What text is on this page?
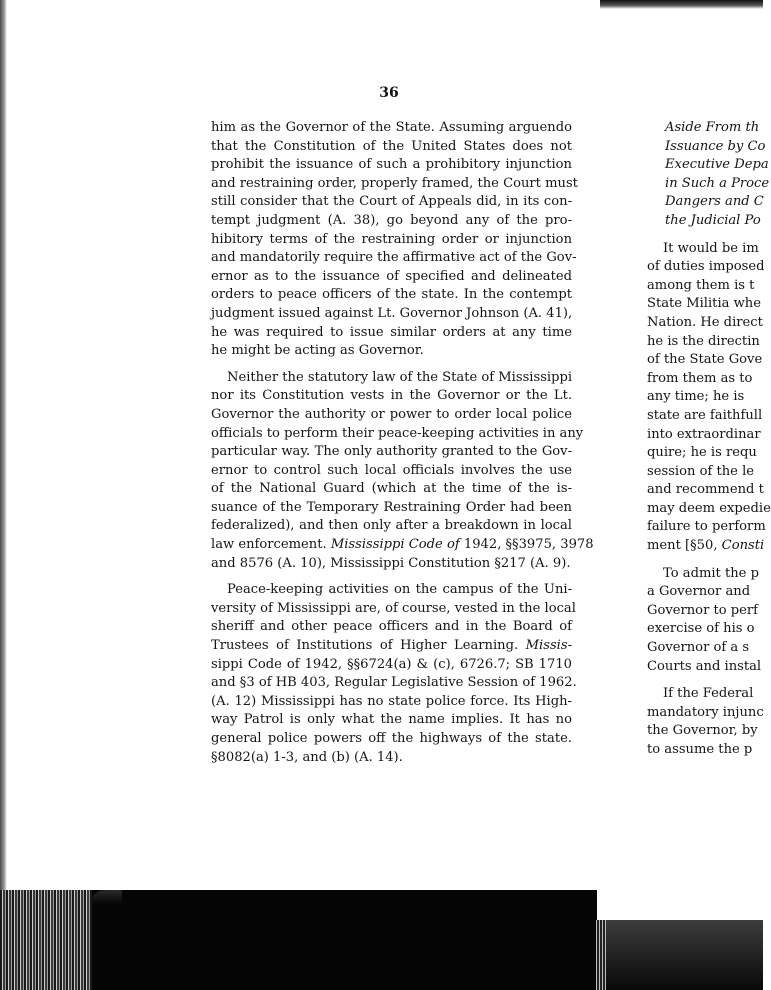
36
him as the Governor of the State. Assuming arguendo
that the Constitution of the United States does not
prohibit the issuance of such a prohibitory injunction
and restraining order, properly framed, the Court must
still consider that the Court of Appeals did, in its con-
tempt judgment (A. 38), go beyond any of the pro-
hibitory terms of the restraining order or injunction
and mandatorily require the affirmative act of the Gov-
ernor as to the issuance of specified and delineated
orders to peace officers of the state. In the contempt
judgment issued against Lt. Governor Johnson (A. 41),
he was required to issue similar orders at any time
he might be acting as Governor.
Neither the statutory law of the State of Mississippi
nor its Constitution vests in the Governor or the Lt.
Governor the authority or power to order local police
officials to perform their peace-keeping activities in any
particular way. The only authority granted to the Gov-
ernor to control such local officials involves the use
of the National Guard (which at the time of the is-
suance of the Temporary Restraining Order had been
federalized), and then only after a breakdown in local
law enforcement. Mississippi Code of 1942, §§3975, 3978
and 8576 (A. 10), Mississippi Constitution §217 (A. 9).
Peace-keeping activities on the campus of the Uni-
versity of Mississippi are, of course, vested in the local
sheriff and other peace officers and in the Board of
Trustees of Institutions of Higher Learning. Missis-
sippi Code of 1942, §§6724(a) & (c), 6726.7; SB 1710
and §3 of HB 403, Regular Legislative Session of 1962.
(A. 12) Mississippi has no state police force. Its High-
way Patrol is only what the name implies. It has no
general police powers off the highways of the state.
§8082(a) 1-3, and (b) (A. 14).
Aside From th
Issuance by Co
Executive Depa
in Such a Proce
Dangers and C
the Judicial Po
It would be im
of duties imposed
among them is t
State Militia whe
Nation. He direct
he is the directin
of the State Gove
from them as to
any time; he is
state are faithfull
into extraordinar
quire; he is requ
session of the le
and recommend t
may deem expedie
failure to perform
ment [§50, Consti
To admit the p
a Governor and
Governor to perf
exercise of his o
Governor of a s
Courts and instal
If the Federal
mandatory injunc
the Governor, by
to assume the p
